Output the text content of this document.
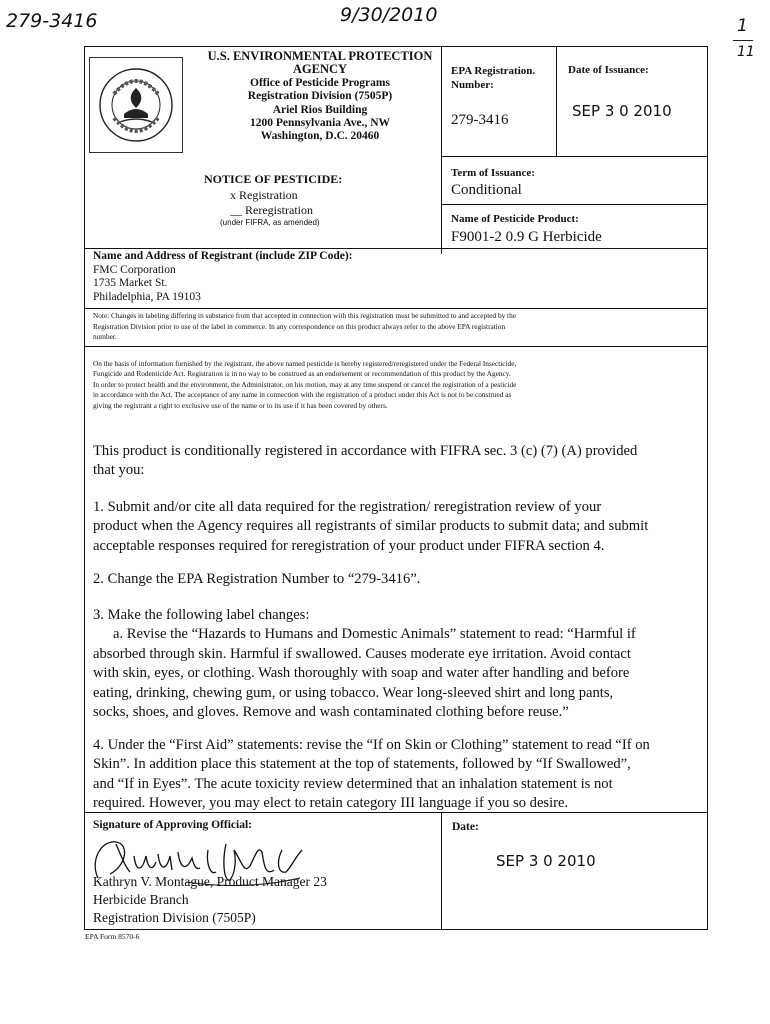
279-3416	9/30/2010	1
11
U.S. ENVIRONMENTAL PROTECTION
AGENCY
Office of Pesticide Programs
Registration Division (7505P)
Ariel Rios Building
1200 Pennsylvania Ave., NW
Washington, D.C. 20460
EPA Registration.
Number:
279-3416
Date of Issuance:
SEP 3 0 2010
NOTICE OF PESTICIDE:
x Registration
__ Reregistration
(under FIFRA, as amended)
Term of Issuance:
Conditional
Name of Pesticide Product:
F9001-2 0.9 G Herbicide
Name and Address of Registrant (include ZIP Code):
FMC Corporation
1735 Market St.
Philadelphia, PA 19103
Note: Changes in labeling differing in substance from that accepted in connection with this registration must be submitted to and accepted by the
Registration Division prior to use of the label in commerce. In any correspondence on this product always refer to the above EPA registration
number.
On the basis of information furnished by the registrant, the above named pesticide is hereby registered/reregistered under the Federal Insecticide,
Fungicide and Rodenticide Act. Registration is in no way to be construed as an endorsement or recommendation of this product by the Agency.
In order to protect health and the environment, the Administrator, on his motion, may at any time suspend or cancel the registration of a pesticide
in accordance with the Act. The acceptance of any name in connection with the registration of a product under this Act is not to be construed as
giving the registrant a right to exclusive use of the name or to its use if it has been covered by others.
This product is conditionally registered in accordance with FIFRA sec. 3 (c) (7) (A) provided
that you:
1. Submit and/or cite all data required for the registration/ reregistration review of your
product when the Agency requires all registrants of similar products to submit data; and submit
acceptable responses required for reregistration of your product under FIFRA section 4.
2. Change the EPA Registration Number to “279-3416”.
3. Make the following label changes:
a. Revise the “Hazards to Humans and Domestic Animals” statement to read: “Harmful if
absorbed through skin. Harmful if swallowed. Causes moderate eye irritation. Avoid contact
with skin, eyes, or clothing. Wash thoroughly with soap and water after handling and before
eating, drinking, chewing gum, or using tobacco. Wear long-sleeved shirt and long pants,
socks, shoes, and gloves. Remove and wash contaminated clothing before reuse.”
4. Under the “First Aid” statements: revise the “If on Skin or Clothing” statement to read “If on
Skin”. In addition place this statement at the top of statements, followed by “If Swallowed”,
and “If in Eyes”. The acute toxicity review determined that an inhalation statement is not
required. However, you may elect to retain category III language if you so desire.
Signature of Approving Official:
Kathryn V. Montague, Product Manager 23
Herbicide Branch
Registration Division (7505P)
Date:
SEP 3 0 2010
EPA Form 8570-6
